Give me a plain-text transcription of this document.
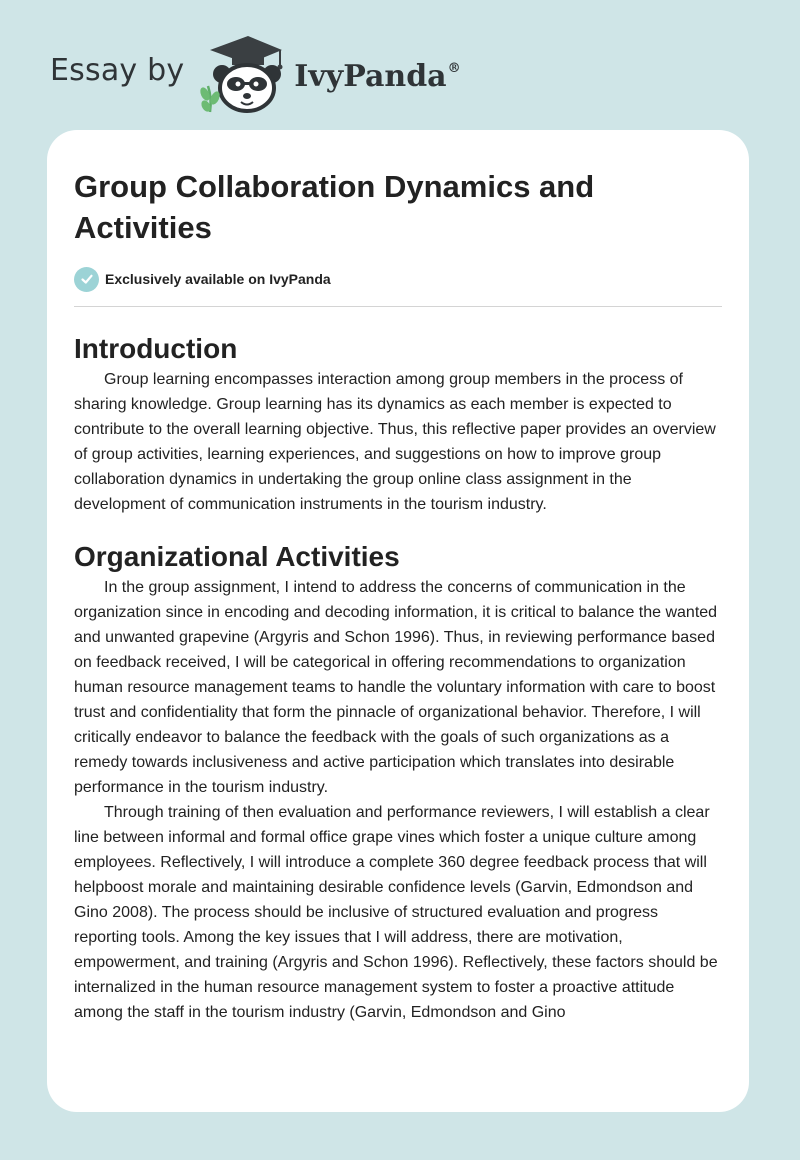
Essay by	IvyPanda®
Group Collaboration Dynamics and Activities
Exclusively available on IvyPanda
Introduction

Group learning encompasses interaction among group members in the process of sharing knowledge. Group learning has its dynamics as each member is expected to contribute to the overall learning objective. Thus, this reflective paper provides an overview of group activities, learning experiences, and suggestions on how to improve group collaboration dynamics in undertaking the group online class assignment in the development of communication instruments in the tourism industry.

Organizational Activities

In the group assignment, I intend to address the concerns of communication in the organization since in encoding and decoding information, it is critical to balance the wanted and unwanted grapevine (Argyris and Schon 1996). Thus, in reviewing performance based on feedback received, I will be categorical in offering recommendations to organization human resource management teams to handle the voluntary information with care to boost trust and confidentiality that form the pinnacle of organizational behavior. Therefore, I will critically endeavor to balance the feedback with the goals of such organizations as a remedy towards inclusiveness and active participation which translates into desirable performance in the tourism industry.

Through training of then evaluation and performance reviewers, I will establish a clear line between informal and formal office grape vines which foster a unique culture among employees. Reflectively, I will introduce a complete 360 degree feedback process that will helpboost morale and maintaining desirable confidence levels (Garvin, Edmondson and Gino 2008). The process should be inclusive of structured evaluation and progress reporting tools. Among the key issues that I will address, there are motivation, empowerment, and training (Argyris and Schon 1996). Reflectively, these factors should be internalized in the human resource management system to foster a proactive attitude among the staff in the tourism industry (Garvin, Edmondson and Gino
